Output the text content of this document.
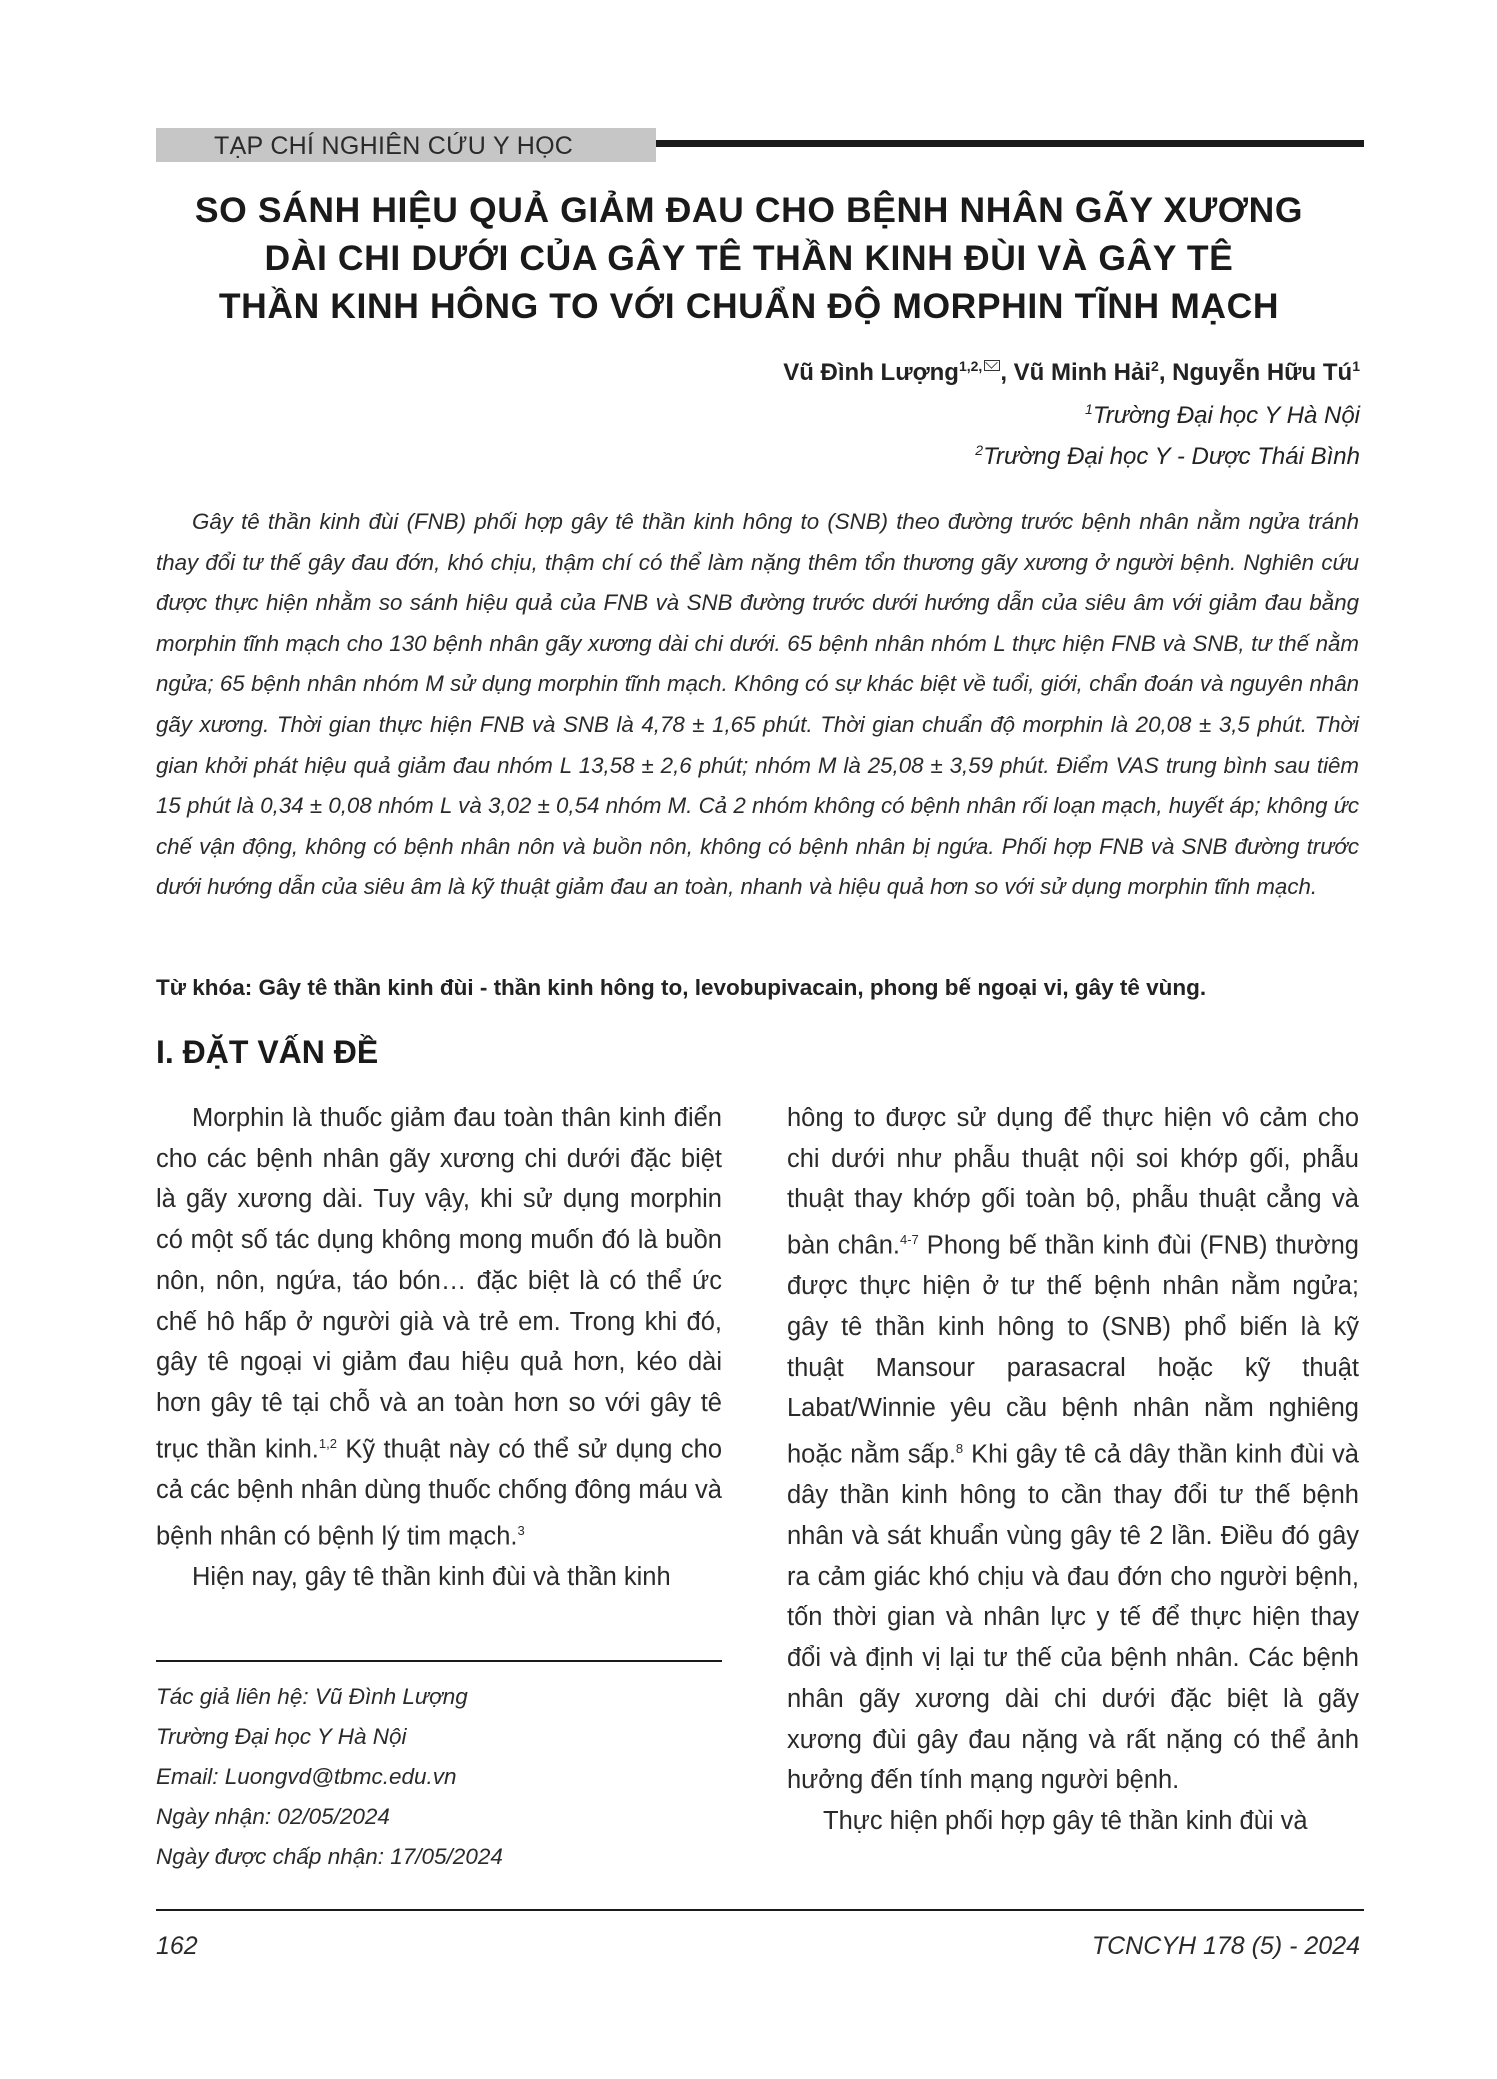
TẠP CHÍ NGHIÊN CỨU Y HỌC
SO SÁNH HIỆU QUẢ GIẢM ĐAU CHO BỆNH NHÂN GÃY XƯƠNG
DÀI CHI DƯỚI CỦA GÂY TÊ THẦN KINH ĐÙI VÀ GÂY TÊ
THẦN KINH HÔNG TO VỚI CHUẨN ĐỘ MORPHIN TĨNH MẠCH
Vũ Đình Lượng$^{1,2,}$ , Vũ Minh Hải$^2$, Nguyễn Hữu $Tú^1$
$^1$Trường Đại học Y Hà Nội
$^2$Trường Đại học Y - Dược Thái Bình
Gây tê thần kinh đùi (FNB) phối hợp gây tê thần kinh hông to (SNB) theo đường trước bệnh nhân nằm ngửa tránh thay đổi tư thế gây đau đớn, khó chịu, thậm chí có thể làm nặng thêm tổn thương gãy xương ở người bệnh. Nghiên cứu được thực hiện nhằm so sánh hiệu quả của FNB và SNB đường trước dưới hướng dẫn của siêu âm với giảm đau bằng morphin tĩnh mạch cho 130 bệnh nhân gãy xương dài chi dưới. 65 bệnh nhân nhóm L thực hiện FNB và SNB, tư thế nằm ngửa; 65 bệnh nhân nhóm M sử dụng morphin tĩnh mạch. Không có sự khác biệt về tuổi, giới, chẩn đoán và nguyên nhân gãy xương. Thời gian thực hiện FNB và SNB là 4,78 ± 1,65 phút. Thời gian chuẩn độ morphin là 20,08 ± 3,5 phút. Thời gian khởi phát hiệu quả giảm đau nhóm L 13,58 ± 2,6 phút; nhóm M là 25,08 ± 3,59 phút. Điểm VAS trung bình sau tiêm 15 phút là 0,34 ± 0,08 nhóm L và 3,02 ± 0,54 nhóm M. Cả 2 nhóm không có bệnh nhân rối loạn mạch, huyết áp; không ức chế vận động, không có bệnh nhân nôn và buồn nôn, không có bệnh nhân bị ngứa. Phối hợp FNB và SNB đường trước dưới hướng dẫn của siêu âm là kỹ thuật giảm đau an toàn, nhanh và hiệu quả hơn so với sử dụng morphin tĩnh mạch.
Từ khóa: Gây tê thần kinh đùi - thần kinh hông to, levobupivacain, phong bế ngoại vi, gây tê vùng.
I. ĐẶT VẤN ĐỀ

Morphin là thuốc giảm đau toàn thân kinh điển cho các bệnh nhân gãy xương chi dưới đặc biệt là gãy xương dài. Tuy vậy, khi sử dụng morphin có một số tác dụng không mong muốn đó là buồn nôn, nôn, ngứa, táo bón… đặc biệt là có thể ức chế hô hấp ở người già và trẻ em. Trong khi đó, gây tê ngoại vi giảm đau hiệu quả hơn, kéo dài hơn gây tê tại chỗ và an toàn hơn so với gây tê trục thần kinh.$^{1,2}$ Kỹ thuật này có thể sử dụng cho cả các bệnh nhân dùng thuốc chống đông máu và bệnh nhân có bệnh lý tim mạch.$^3$

Hiện nay, gây tê thần kinh đùi và thần kinh

hông to được sử dụng để thực hiện vô cảm cho chi dưới như phẫu thuật nội soi khớp gối, phẫu thuật thay khớp gối toàn bộ, phẫu thuật cẳng và bàn chân.$^{4-7}$ Phong bế thần kinh đùi (FNB) thường được thực hiện ở tư thế bệnh nhân nằm ngửa; gây tê thần kinh hông to (SNB) phổ biến là kỹ thuật Mansour parasacral hoặc kỹ thuật Labat/Winnie yêu cầu bệnh nhân nằm nghiêng hoặc nằm sấp.$^8$ Khi gây tê cả dây thần kinh đùi và dây thần kinh hông to cần thay đổi tư thế bệnh nhân và sát khuẩn vùng gây tê 2 lần. Điều đó gây ra cảm giác khó chịu và đau đớn cho người bệnh, tốn thời gian và nhân lực y tế để thực hiện thay đổi và định vị lại tư thế của bệnh nhân. Các bệnh nhân gãy xương dài chi dưới đặc biệt là gãy xương đùi gây đau nặng và rất nặng có thể ảnh hưởng đến tính mạng người bệnh.

Thực hiện phối hợp gây tê thần kinh đùi và

Tác giả liên hệ: Vũ Đình Lượng
Trường Đại học Y Hà Nội
Email: Luongvd@tbmc.edu.vn
Ngày nhận: 02/05/2024
Ngày được chấp nhận: 17/05/2024
162	TCNCYH 178 (5) - 2024
